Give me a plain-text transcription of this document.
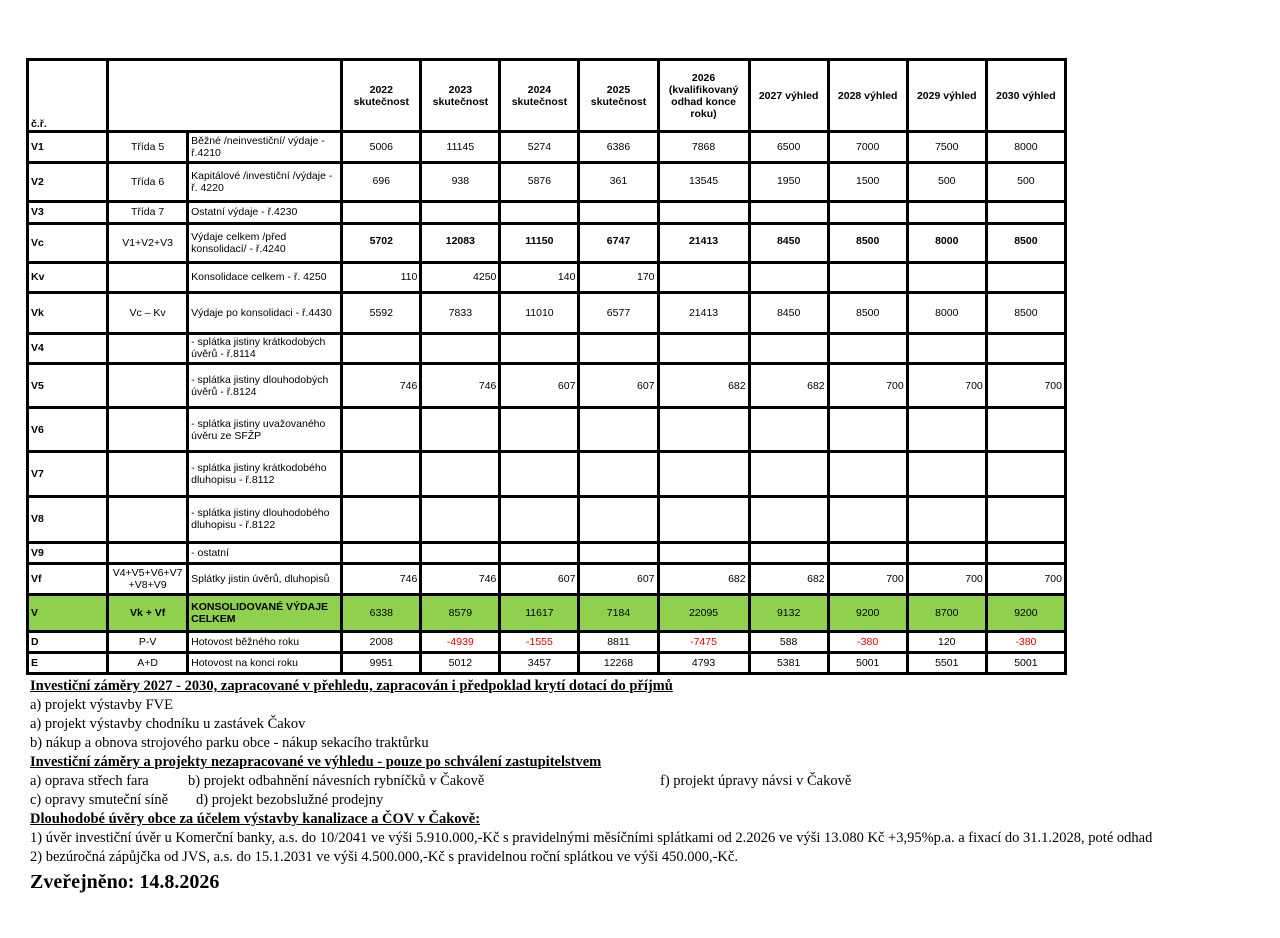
č.ř.			2022 skutečnost	2023 skutečnost	2024 skutečnost	2025 skutečnost	2026 (kvalifikovaný odhad konce roku)	2027 výhled	2028 výhled	2029 výhled	2030 výhled
V1	Třída 5	Běžné /neinvestiční/ výdaje - ř.4210	5006	11145	5274	6386	7868	6500	7000	7500	8000
V2	Třída 6	Kapitálové /investiční /výdaje - ř. 4220	696	938	5876	361	13545	1950	1500	500	500
V3	Třída 7	Ostatní výdaje - ř.4230									
Vc	V1+V2+V3	Výdaje celkem /před konsolidací/ - ř.4240	5702	12083	11150	6747	21413	8450	8500	8000	8500
Kv		Konsolidace celkem - ř. 4250	110	4250	140	170					
Vk	Vc – Kv	Výdaje po konsolidaci - ř.4430	5592	7833	11010	6577	21413	8450	8500	8000	8500
V4		- splátka jistiny krátkodobých úvěrů - ř.8114									
V5		- splátka jistiny dlouhodobých úvěrů - ř.8124	746	746	607	607	682	682	700	700	700
V6		- splátka jistiny uvažovaného úvěru ze SFŽP									
V7		- splátka jistiny krátkodobého dluhopisu - ř.8112									
V8		- splátka jistiny dlouhodobého dluhopisu - ř.8122									
V9		- ostatní									
Vf	V4+V5+V6+V7 +V8+V9	Splátky jistin úvěrů, dluhopisů	746	746	607	607	682	682	700	700	700
V	Vk + Vf	KONSOLIDOVANÉ VÝDAJE CELKEM	6338	8579	11617	7184	22095	9132	9200	8700	9200
D	P-V	Hotovost běžného roku	2008	-4939	-1555	8811	-7475	588	-380	120	-380
E	A+D	Hotovost na konci roku	9951	5012	3457	12268	4793	5381	5001	5501	5001
Investiční záměry 2027 - 2030, zapracované v přehledu, zapracován i předpoklad krytí dotací do příjmů
a) projekt výstavby FVE
a) projekt výstavby chodníku u zastávek Čakov
b) nákup a obnova strojového parku obce - nákup sekacího traktůrku
Investiční záměry a projekty nezapracované ve výhledu - pouze po schválení zastupitelstvem
a) oprava střech fara	b) projekt odbahnění návesních rybníčků v Čakově	f) projekt úpravy návsi v Čakově
c) opravy smuteční síně d) projekt bezobslužné prodejny
Dlouhodobé úvěry obce za účelem výstavby kanalizace a ČOV v Čakově:
1) úvěr investiční úvěr u Komerční banky, a.s. do 10/2041 ve výši 5.910.000,-Kč s pravidelnými měsíčními splátkami od 2.2026 ve výši 13.080 Kč +3,95%p.a. a fixací do 31.1.2028, poté odhad
2) bezúročná zápůjčka od JVS, a.s. do 15.1.2031 ve výši 4.500.000,-Kč s pravidelnou roční splátkou ve výši 450.000,-Kč.
Zveřejněno: 14.8.2026
